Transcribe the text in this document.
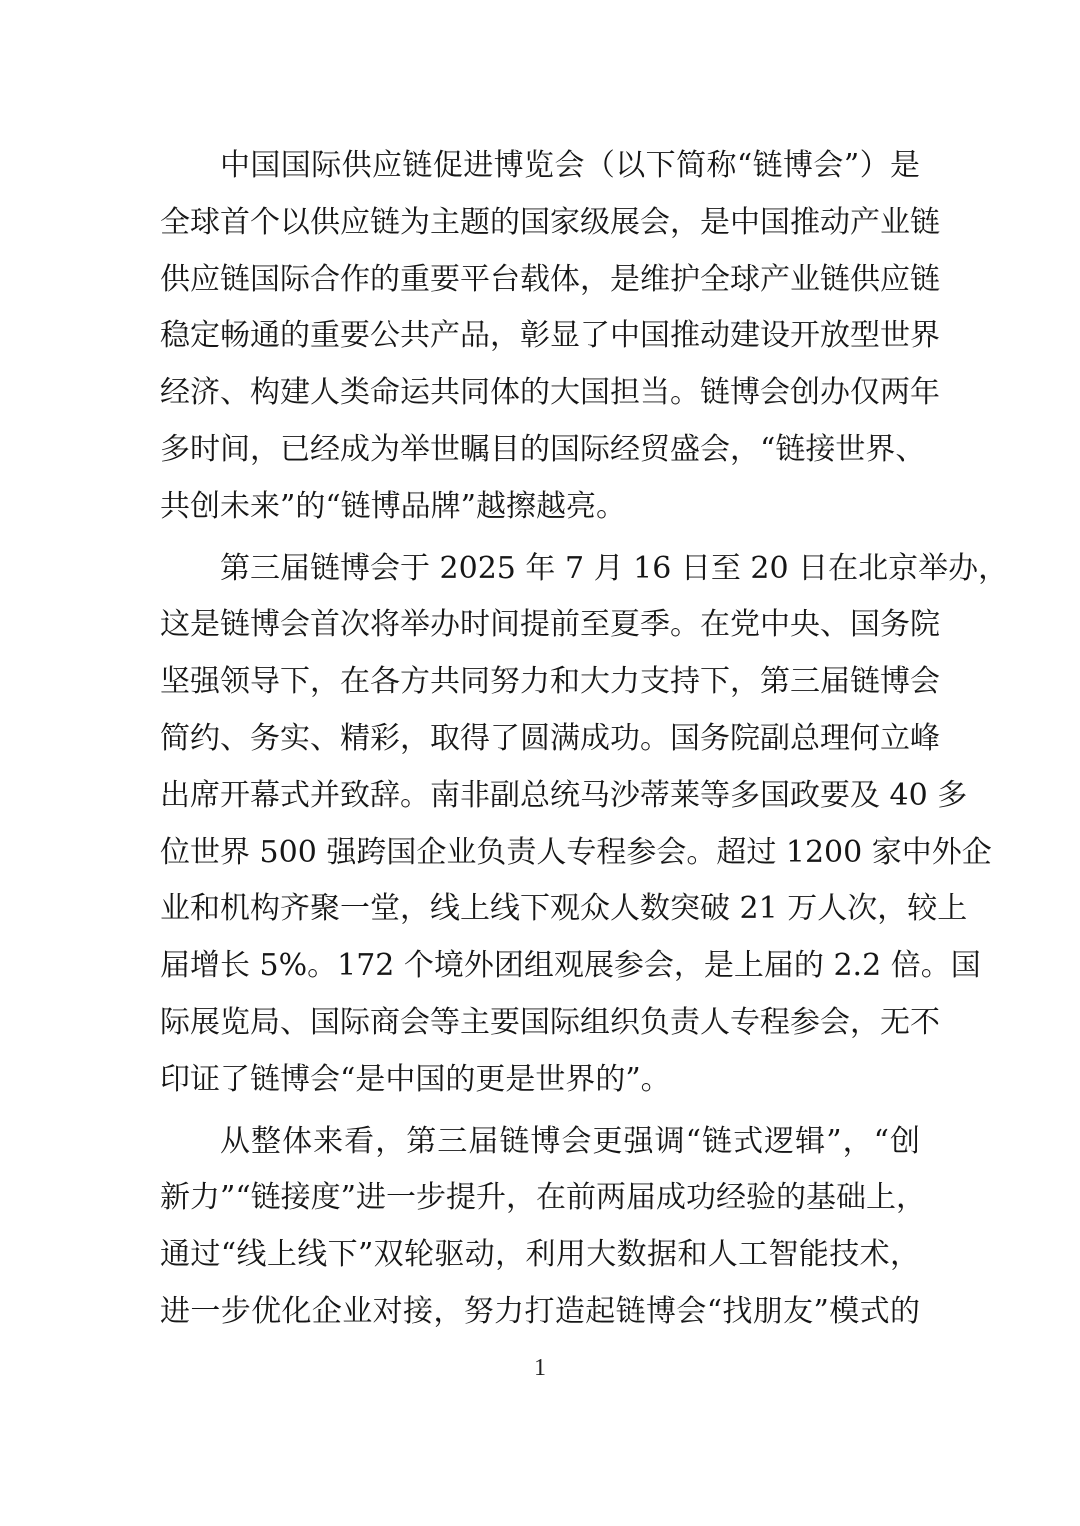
中国国际供应链促进博览会（以下简称“链博会”）是
全球首个以供应链为主题的国家级展会，是中国推动产业链
供应链国际合作的重要平台载体，是维护全球产业链供应链
稳定畅通的重要公共产品，彰显了中国推动建设开放型世界
经济、构建人类命运共同体的大国担当。链博会创办仅两年
多时间，已经成为举世瞩目的国际经贸盛会，“链接世界、
共创未来”的“链博品牌”越擦越亮。
第三届链博会于 2025 年 7 月 16 日至 20 日在北京举办，
这是链博会首次将举办时间提前至夏季。在党中央、国务院
坚强领导下，在各方共同努力和大力支持下，第三届链博会
简约、务实、精彩，取得了圆满成功。国务院副总理何立峰
出席开幕式并致辞。南非副总统马沙蒂莱等多国政要及 40 多
位世界 500 强跨国企业负责人专程参会。超过 1200 家中外企
业和机构齐聚一堂，线上线下观众人数突破 21 万人次，较上
届增长 5%。172 个境外团组观展参会，是上届的 2.2 倍。国
际展览局、国际商会等主要国际组织负责人专程参会，无不
印证了链博会“是中国的更是世界的”。
从整体来看，第三届链博会更强调“链式逻辑”，“创
新力”“链接度”进一步提升，在前两届成功经验的基础上，
通过“线上线下”双轮驱动，利用大数据和人工智能技术，
进一步优化企业对接，努力打造起链博会“找朋友”模式的
1
